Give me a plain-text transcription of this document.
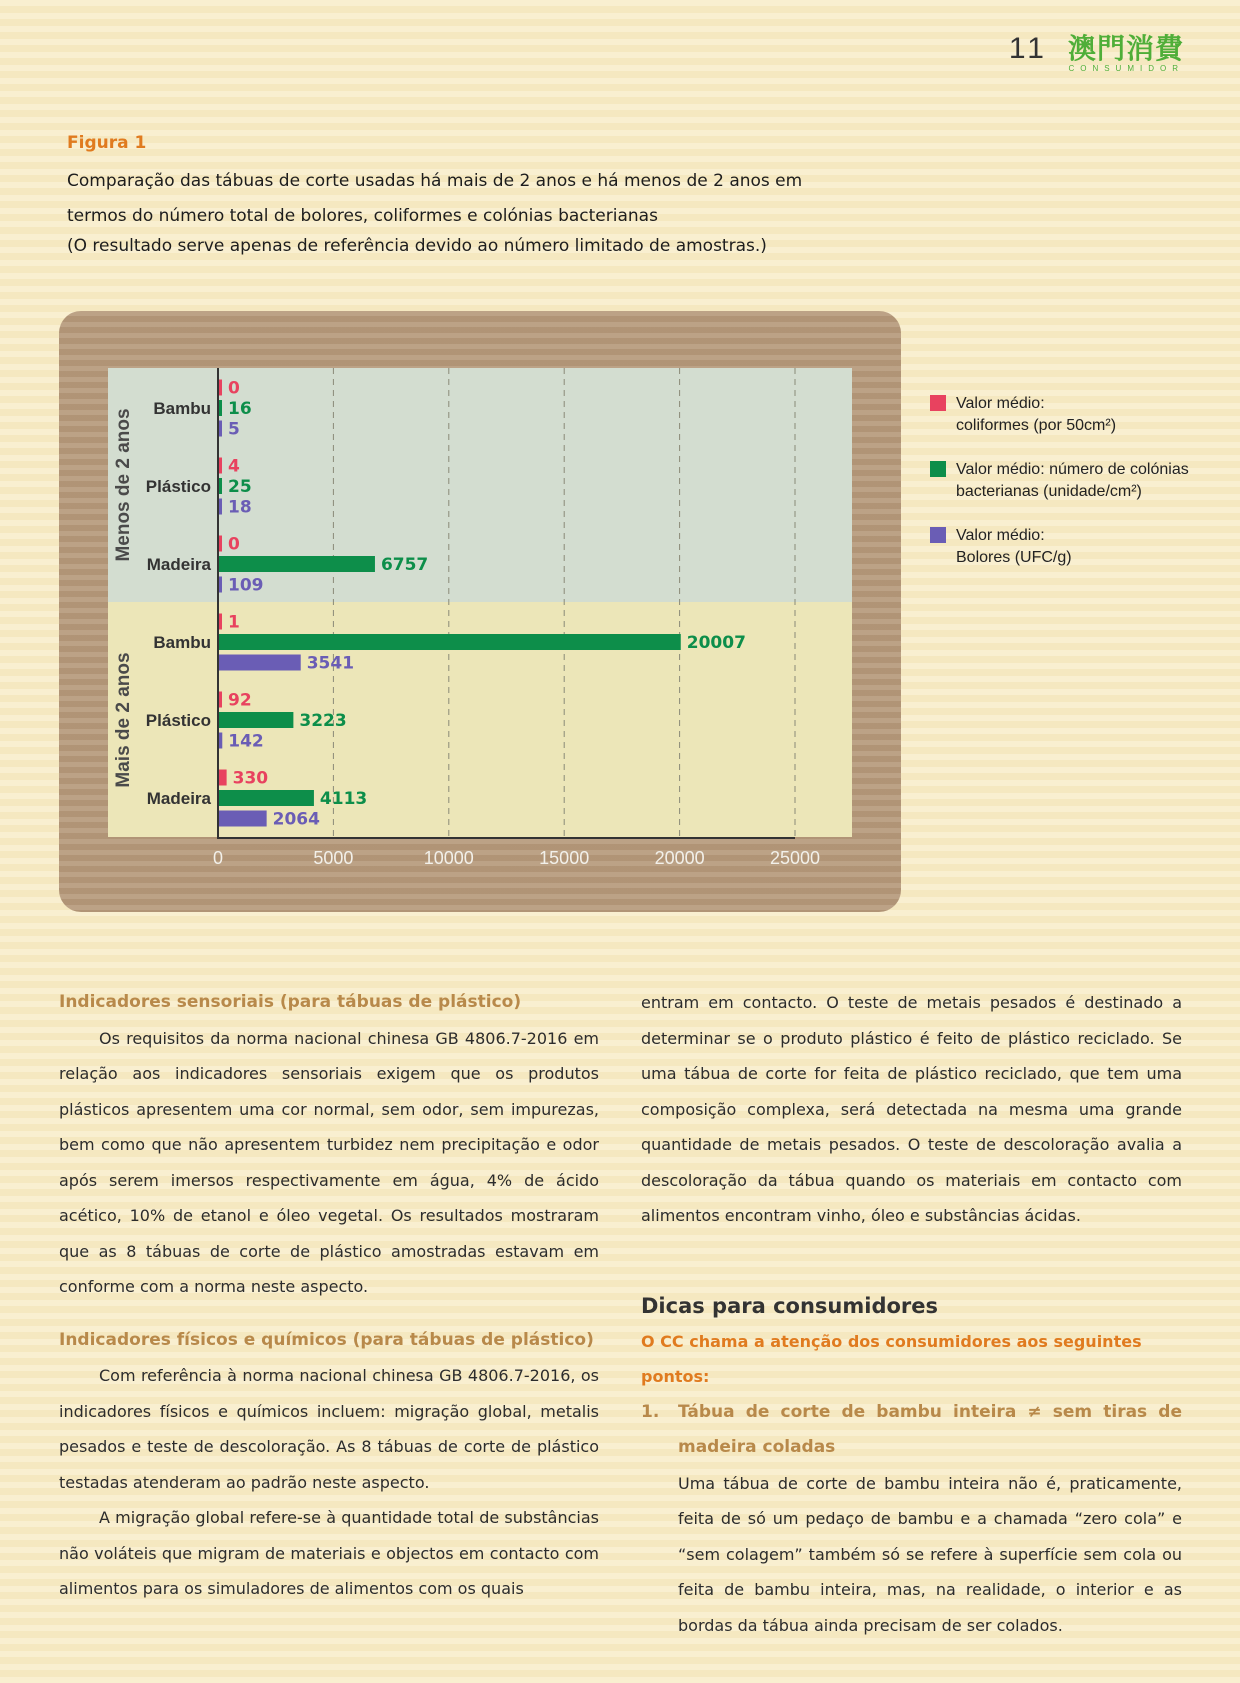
11 澳門消費
CONSUMIDOR
Figura 1
Comparação das tábuas de corte usadas há mais de 2 anos e há menos de 2 anos em termos do número total de bolores, coliformes e colónias bacterianas
(O resultado serve apenas de referência devido ao número limitado de amostras.)
0	5000	10000	15000	20000	25000
Menos de 2 anos
Mais de 2 anos
Bambu
0
16
5
Plástico
4
25
18
Madeira
0
6757
109
Bambu
1
20007
3541
Plástico
92
3223
142
Madeira
330
4113
2064
Valor médio:
coliformes (por 50cm²)
Valor médio: número de colónias
bacterianas (unidade/cm²)
Valor médio:
Bolores (UFC/g)
Indicadores sensoriais (para tábuas de plástico)

Os requisitos da norma nacional chinesa GB 4806.7-2016 em relação aos indicadores sensoriais exigem que os produtos plásticos apresentem uma cor normal, sem odor, sem impurezas, bem como que não apresentem turbidez nem precipitação e odor após serem imersos respectivamente em água, 4% de ácido acético, 10% de etanol e óleo vegetal. Os resultados mostraram que as 8 tábuas de corte de plástico amostradas estavam em conforme com a norma neste aspecto.

Indicadores físicos e químicos (para tábuas de plástico)

Com referência à norma nacional chinesa GB 4806.7-2016, os indicadores físicos e químicos incluem: migração global, metalis pesados e teste de descoloração. As 8 tábuas de corte de plástico testadas atenderam ao padrão neste aspecto.

A migração global refere-se à quantidade total de substâncias não voláteis que migram de materiais e objectos em contacto com alimentos para os simuladores de alimentos com os quais

entram em contacto. O teste de metais pesados é destinado a determinar se o produto plástico é feito de plástico reciclado. Se uma tábua de corte for feita de plástico reciclado, que tem uma composição complexa, será detectada na mesma uma grande quantidade de metais pesados. O teste de descoloração avalia a descoloração da tábua quando os materiais em contacto com alimentos encontram vinho, óleo e substâncias ácidas.

Dicas para consumidores
O CC chama a atenção dos consumidores aos seguintes pontos:
1.	Tábua de corte de bambu inteira ≠ sem tiras de madeira coladas

Uma tábua de corte de bambu inteira não é, praticamente, feita de só um pedaço de bambu e a chamada “zero cola” e “sem colagem” também só se refere à superfície sem cola ou feita de bambu inteira, mas, na realidade, o interior e as bordas da tábua ainda precisam de ser colados.
